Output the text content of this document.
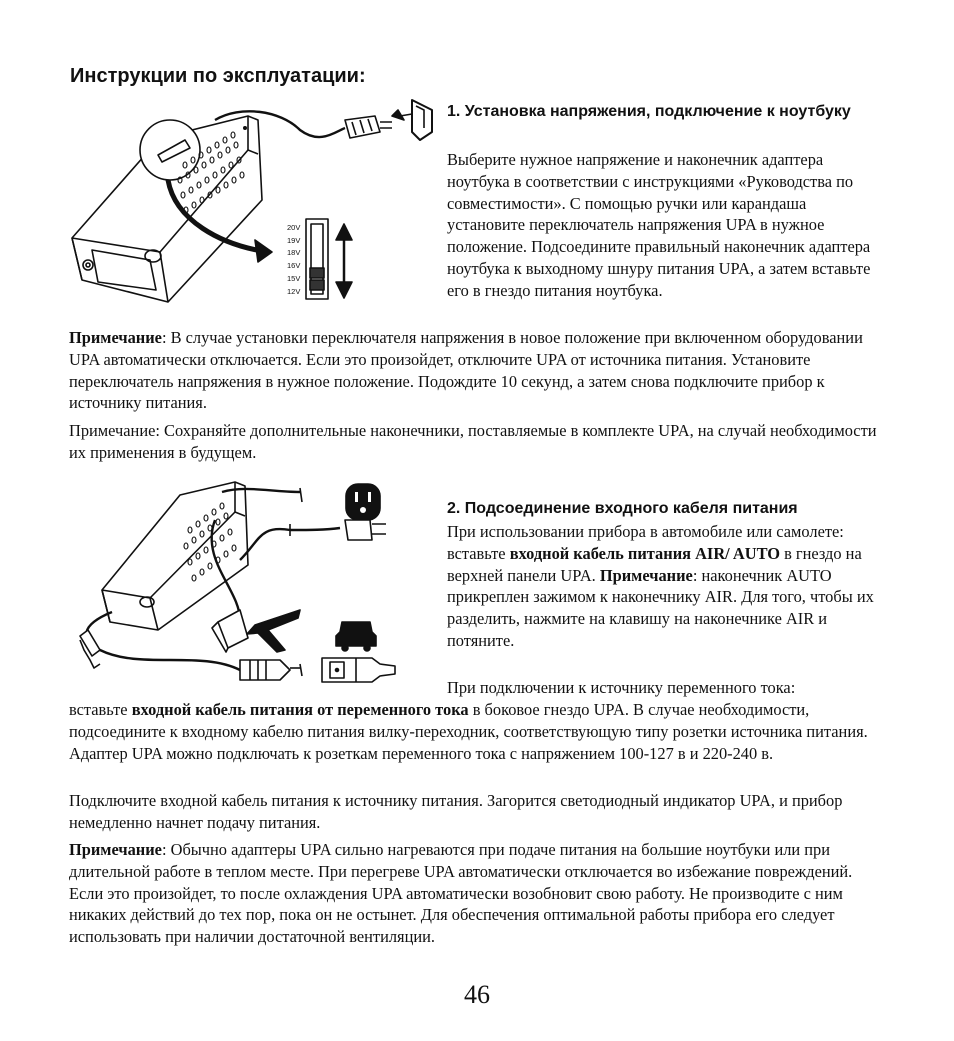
Инструкции по эксплуатации:
20V
19V
18V
16V
15V
12V
1. Установка напряжения, подключение к ноутбуку
Выберите нужное напряжение и наконечник адаптера ноутбука в соответствии с инструкциями «Руководства по совместимости». С помощью ручки или карандаша установите переключатель напряжения UPA в нужное положение. Подсоедините правильный наконечник адаптера ноутбука к выходному шнуру питания UPA, а затем вставьте его в гнездо питания ноутбука.
Примечание: В случае установки переключателя напряжения в новое положение при включенном оборудовании UPA автоматически отключается. Если это произойдет, отключите UPA от источника питания. Установите переключатель напряжения в нужное положение. Подождите 10 секунд, а затем снова подключите прибор к источнику питания.
Примечание: Сохраняйте дополнительные наконечники, поставляемые в комплекте UPA, на случай необходимости их применения в будущем.
2. Подсоединение входного кабеля питания
При использовании прибора в автомобиле или самолете: вставьте входной кабель питания AIR/ AUTO в гнездо на верхней панели UPA. Примечание: наконечник AUTO прикреплен зажимом к наконечнику AIR. Для того, чтобы их разделить, нажмите на клавишу на наконечнике AIR и потяните.
При подключении к источнику переменного тока:
вставьте входной кабель питания от переменного тока в боковое гнездо UPA. В случае необходимости, подсоедините к входному кабелю питания вилку-переходник, соответствующую типу розетки источника питания. Адаптер UPA можно подключать к розеткам переменного тока с напряжением 100-127 в и 220-240 в.
Подключите входной кабель питания к источнику питания. Загорится светодиодный индикатор UPA, и прибор немедленно начнет подачу питания.
Примечание: Обычно адаптеры UPA сильно нагреваются при подаче питания на большие ноутбуки или при длительной работе в теплом месте. При перегреве UPA автоматически отключается во избежание повреждений. Если это произойдет, то после охлаждения UPA автоматически возобновит свою работу. Не производите с ним никаких действий до тех пор, пока он не остынет. Для обеспечения оптимальной работы прибора его следует использовать при наличии достаточной вентиляции.
46
